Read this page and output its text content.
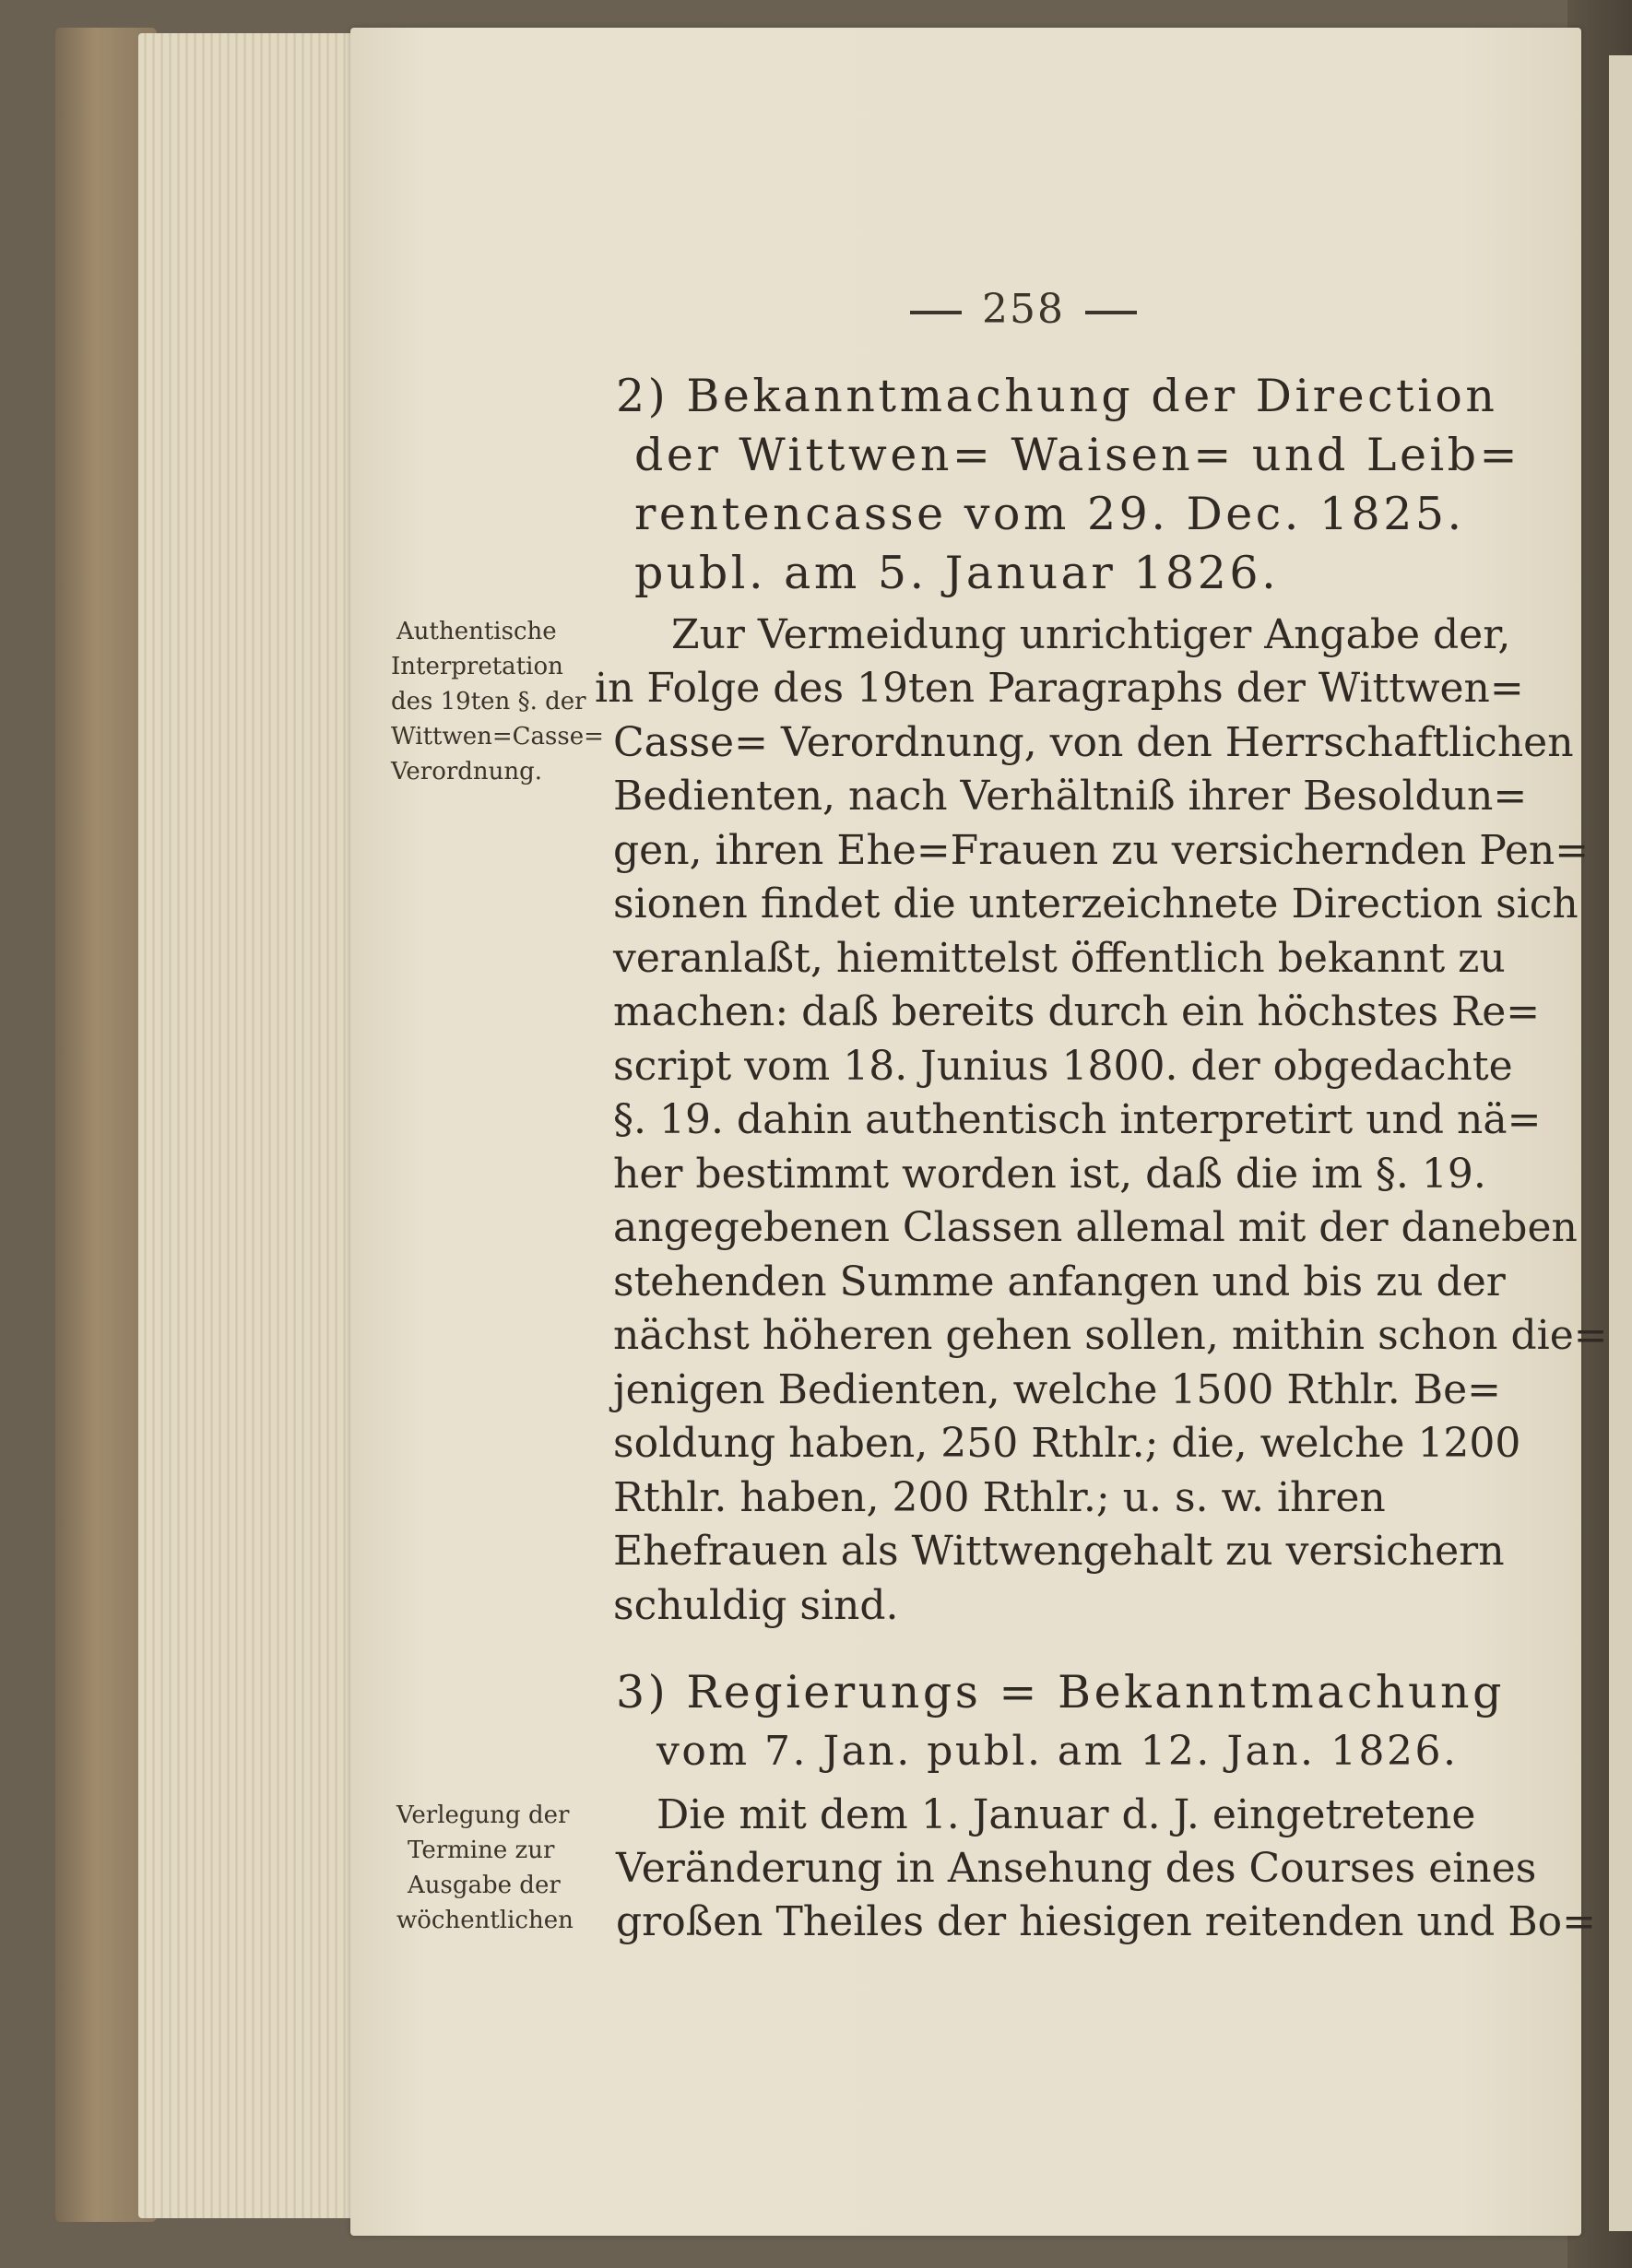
258
2) Bekanntmachung der Direction
der Wittwen= Waisen= und Leib=
rentencasse vom 29. Dec. 1825.
publ. am 5. Januar 1826.
Authentische
Interpretation
des 19ten §. der
Wittwen=Casse=
Verordnung.
Zur Vermeidung unrichtiger Angabe der,
in Folge des 19ten Paragraphs der Wittwen=
Casse= Verordnung, von den Herrschaftlichen
Bedienten, nach Verhältniß ihrer Besoldun=
gen, ihren Ehe=Frauen zu versichernden Pen=
sionen findet die unterzeichnete Direction sich
veranlaßt, hiemittelst öffentlich bekannt zu
machen: daß bereits durch ein höchstes Re=
script vom 18. Junius 1800. der obgedachte
§. 19. dahin authentisch interpretirt und nä=
her bestimmt worden ist, daß die im §. 19.
angegebenen Classen allemal mit der daneben
stehenden Summe anfangen und bis zu der
nächst höheren gehen sollen, mithin schon die=
jenigen Bedienten, welche 1500 Rthlr. Be=
soldung haben, 250 Rthlr.; die, welche 1200
Rthlr. haben, 200 Rthlr.; u. s. w. ihren
Ehefrauen als Wittwengehalt zu versichern
schuldig sind.
3) Regierungs = Bekanntmachung
vom 7. Jan. publ. am 12. Jan. 1826.
Verlegung der
Termine zur
Ausgabe der
wöchentlichen
Die mit dem 1. Januar d. J. eingetretene
Veränderung in Ansehung des Courses eines
großen Theiles der hiesigen reitenden und Bo=
